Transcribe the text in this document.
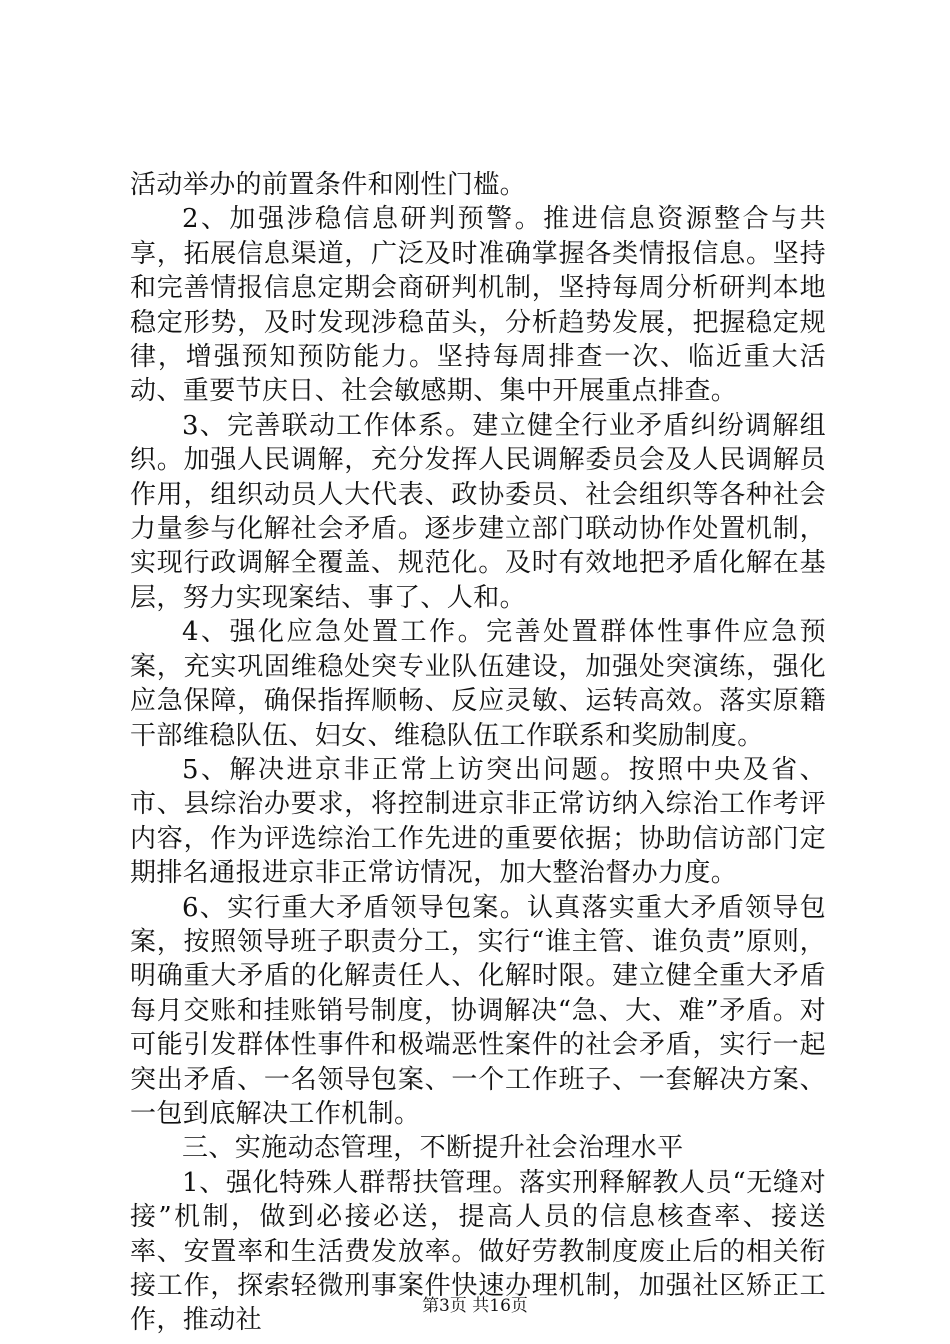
活动举办的前置条件和刚性门槛。

2、加强涉稳信息研判预警。推进信息资源整合与共享，拓展信息渠道，广泛及时准确掌握各类情报信息。坚持和完善情报信息定期会商研判机制，坚持每周分析研判本地稳定形势，及时发现涉稳苗头，分析趋势发展，把握稳定规律，增强预知预防能力。坚持每周排查一次、临近重大活动、重要节庆日、社会敏感期、集中开展重点排查。

3、完善联动工作体系。建立健全行业矛盾纠纷调解组织。加强人民调解，充分发挥人民调解委员会及人民调解员作用，组织动员人大代表、政协委员、社会组织等各种社会力量参与化解社会矛盾。逐步建立部门联动协作处置机制，实现行政调解全覆盖、规范化。及时有效地把矛盾化解在基层，努力实现案结、事了、人和。

4、强化应急处置工作。完善处置群体性事件应急预案，充实巩固维稳处突专业队伍建设，加强处突演练，强化应急保障，确保指挥顺畅、反应灵敏、运转高效。落实原籍干部维稳队伍、妇女、维稳队伍工作联系和奖励制度。

5、解决进京非正常上访突出问题。按照中央及省、市、县综治办要求，将控制进京非正常访纳入综治工作考评内容，作为评选综治工作先进的重要依据；协助信访部门定期排名通报进京非正常访情况，加大整治督办力度。

6、实行重大矛盾领导包案。认真落实重大矛盾领导包案，按照领导班子职责分工，实行“谁主管、谁负责”原则，明确重大矛盾的化解责任人、化解时限。建立健全重大矛盾每月交账和挂账销号制度，协调解决“急、大、难”矛盾。对可能引发群体性事件和极端恶性案件的社会矛盾，实行一起突出矛盾、一名领导包案、一个工作班子、一套解决方案、一包到底解决工作机制。

三、实施动态管理，不断提升社会治理水平

1、强化特殊人群帮扶管理。落实刑释解教人员“无缝对接”机制，做到必接必送，提高人员的信息核查率、接送率、安置率和生活费发放率。做好劳教制度废止后的相关衔接工作，探索轻微刑事案件快速办理机制，加强社区矫正工作，推动社	第3页 共16页
